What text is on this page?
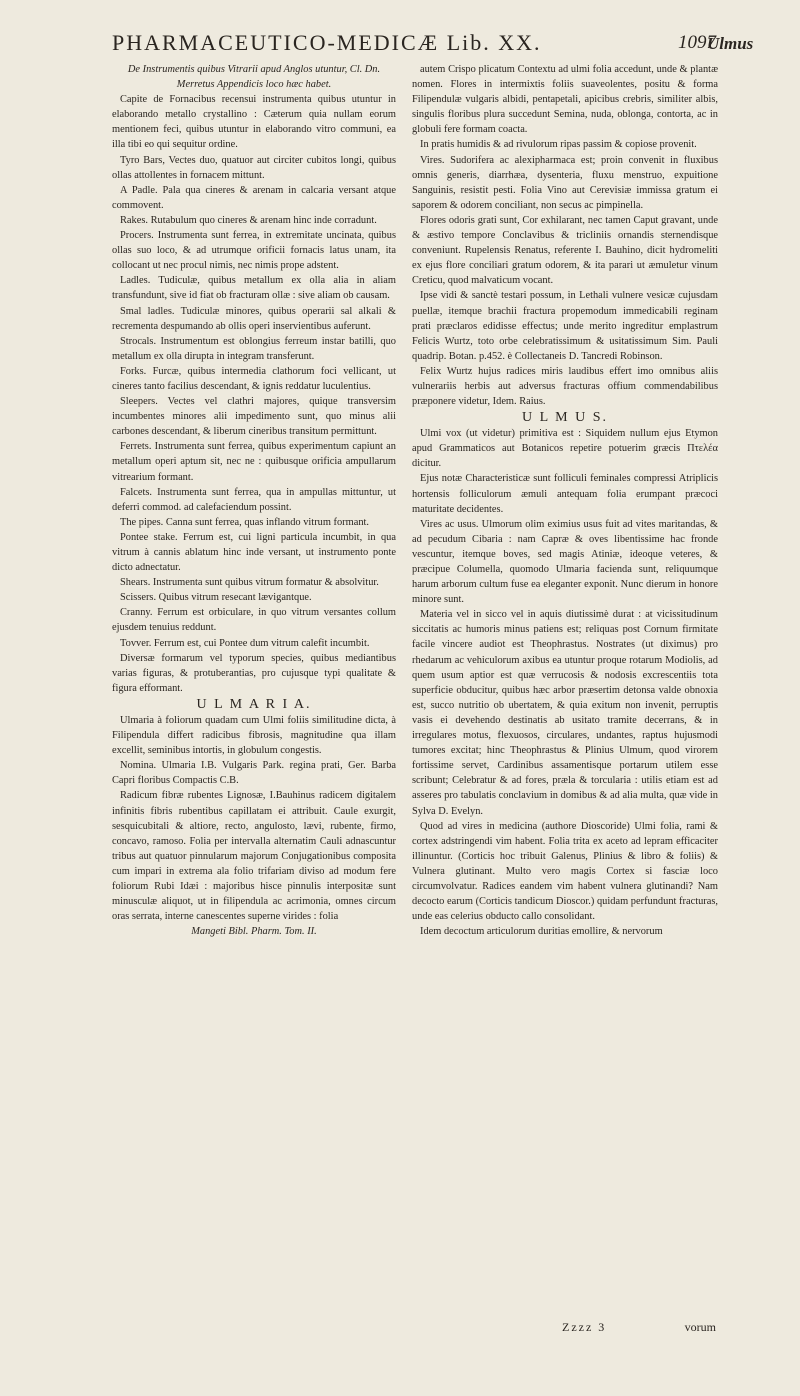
PHARMACEUTICO-MEDICÆ Lib. XX.	Ulmus
1097

De Instrumentis quibus Vitrarii apud Anglos utuntur, Cl. Dn. Merretus Appendicis loco hæc habet.

Capite de Fornacibus recensui instrumenta quibus utuntur in elaborando metallo crystallino : Cæterum quia nullam eorum mentionem feci, quibus utuntur in elaborando vitro communi, ea illa tibi eo qui sequitur ordine.

Tyro Bars, Vectes duo, quatuor aut circiter cubitos longi, quibus ollas attollentes in fornacem mittunt.

A Padle. Pala qua cineres & arenam in calcaria versant atque commovent.

Rakes. Rutabulum quo cineres & arenam hinc inde corradunt.

Procers. Instrumenta sunt ferrea, in extremitate uncinata, quibus ollas suo loco, & ad utrumque orificii fornacis latus unam, ita collocant ut nec procul nimis, nec nimis prope adstent.

Ladles. Tudiculæ, quibus metallum ex olla alia in aliam transfundunt, sive id fiat ob fracturam ollæ : sive aliam ob causam.

Smal ladles. Tudiculæ minores, quibus operarii sal alkali & recrementa despumando ab ollis operi inservientibus auferunt.

Strocals. Instrumentum est oblongius ferreum instar batilli, quo metallum ex olla dirupta in integram transferunt.

Forks. Furcæ, quibus intermedia clathorum foci vellicant, ut cineres tanto facilius descendant, & ignis reddatur luculentius.

Sleepers. Vectes vel clathri majores, quique transversim incumbentes minores alii impedimento sunt, quo minus alii carbones descendant, & liberum cineribus transitum permittunt.

Ferrets. Instrumenta sunt ferrea, quibus experimentum capiunt an metallum operi aptum sit, nec ne : quibusque orificia ampullarum vitrearium formant.

Falcets. Instrumenta sunt ferrea, qua in ampullas mittuntur, ut deferri commod. ad calefaciendum possint.

The pipes. Canna sunt ferrea, quas inflando vitrum formant.

Pontee stake. Ferrum est, cui ligni particula incumbit, in qua vitrum à cannis ablatum hinc inde versant, ut instrumento ponte dicto adnectatur.

Shears. Instrumenta sunt quibus vitrum formatur & absolvitur.

Scissers. Quibus vitrum resecant lævigantque.

Cranny. Ferrum est orbiculare, in quo vitrum versantes collum ejusdem tenuius reddunt.

Tovver. Ferrum est, cui Pontee dum vitrum calefit incumbit.

Diversæ formarum vel typorum species, quibus mediantibus varias figuras, & protuberantias, pro cujusque typi qualitate & figura efformant.

U L M A R I A.

Ulmaria à foliorum quadam cum Ulmi foliis similitudine dicta, à Filipendula differt radicibus fibrosis, magnitudine qua illam excellit, seminibus intortis, in globulum congestis.

Nomina. Ulmaria I.B. Vulgaris Park. regina prati, Ger. Barba Capri floribus Compactis C.B.

Radicum fibræ rubentes Lignosæ, I.Bauhinus radicem digitalem infinitis fibris rubentibus capillatam ei attribuit. Caule exurgit, sesquicubitali & altiore, recto, angulosto, lævi, rubente, firmo, concavo, ramoso. Folia per intervalla alternatim Cauli adnascuntur tribus aut quatuor pinnularum majorum Conjugationibus composita cum impari in extrema ala folio trifariam diviso ad modum fere foliorum Rubi Idæi : majoribus hisce pinnulis interpositæ sunt minusculæ aliquot, ut in filipendula ac acrimonia, omnes circum oras serrata, interne canescentes superne virides : folia

Mangeti Bibl. Pharm. Tom. II.

autem Crispo plicatum Contextu ad ulmi folia accedunt, unde & plantæ nomen. Flores in intermixtis foliis suaveolentes, positu & forma Filipendulæ vulgaris albidi, pentapetali, apicibus crebris, similiter albis, singulis floribus plura succedunt Semina, nuda, oblonga, contorta, ac in globuli fere formam coacta.

In pratis humidis & ad rivulorum ripas passim & copiose provenit.

Vires. Sudorifera ac alexipharmaca est; proin convenit in fluxibus omnis generis, diarrhæa, dysenteria, fluxu menstruo, expuitione Sanguinis, resistit pesti. Folia Vino aut Cerevisiæ immissa gratum ei saporem & odorem conciliant, non secus ac pimpinella.

Flores odoris grati sunt, Cor exhilarant, nec tamen Caput gravant, unde & æstivo tempore Conclavibus & tricliniis ornandis sternendisque conveniunt. Rupelensis Renatus, referente I. Bauhino, dicit hydromeliti ex ejus flore conciliari gratum odorem, & ita parari ut æmuletur vinum Creticu, quod malvaticum vocant.

Ipse vidi & sanctè testari possum, in Lethali vulnere vesicæ cujusdam puellæ, itemque brachii fractura propemodum immedicabili reginam prati præclaros edidisse effectus; unde merito ingreditur emplastrum Felicis Wurtz, toto orbe celebratissimum & usitatissimum Sim. Pauli quadrip. Botan. p.452. è Collectaneis D. Tancredi Robinson.

Felix Wurtz hujus radices miris laudibus effert imo omnibus aliis vulnerariis herbis aut adversus fracturas offium commendabilibus præponere videtur, Idem. Raius.

U L M U S.

Ulmi vox (ut videtur) primitiva est : Siquidem nullum ejus Etymon apud Grammaticos aut Botanicos repetire potuerim græcis Πτελέα dicitur.

Ejus notæ Characteristicæ sunt folliculi feminales compressi Atriplicis hortensis folliculorum æmuli antequam folia erumpant præcoci maturitate decidentes.

Vires ac usus. Ulmorum olim eximius usus fuit ad vites maritandas, & ad pecudum Cibaria : nam Capræ & oves libentissime hac fronde vescuntur, itemque boves, sed magis Atiniæ, ideoque veteres, & præcipue Columella, quomodo Ulmaria facienda sunt, reliquumque harum arborum cultum fuse ea eleganter exponit. Nunc dierum in honore minore sunt.

Materia vel in sicco vel in aquis diutissimè durat : at vicissitudinum siccitatis ac humoris minus patiens est; reliquas post Cornum firmitate facile vincere audiot est Theophrastus. Nostrates (ut diximus) pro rhedarum ac vehiculorum axibus ea utuntur proque rotarum Modiolis, ad quem usum aptior est quæ verrucosis & nodosis excrescentiis tota superficie obducitur, quibus hæc arbor præsertim detonsa valde obnoxia est, succo nutritio ob ubertatem, & quia exitum non invenit, perruptis vasis ei devehendo destinatis ab usitato tramite decerrans, & in irregulares motus, flexuosos, circulares, undantes, raptus hujusmodi tumores excitat; hinc Theophrastus & Plinius Ulmum, quod virorem fortissime servet, Cardinibus assamentisque portarum utilem esse scribunt; Celebratur & ad fores, præla & torcularia : utilis etiam est ad asseres pro tabulatis conclavium in domibus & ad alia multa, quæ vide in Sylva D. Evelyn.

Quod ad vires in medicina (authore Dioscoride) Ulmi folia, rami & cortex adstringendi vim habent. Folia trita ex aceto ad lepram efficaciter illinuntur. (Corticis hoc tribuit Galenus, Plinius & libro & foliis) & Vulnera glutinant. Multo vero magis Cortex si fasciæ loco circumvolvatur. Radices eandem vim habent vulnera glutinandi? Nam decocto earum (Corticis tandicum Dioscor.) quidam perfundunt fracturas, unde eas celerius obducto callo consolidant.

Idem decoctum articulorum duritias emollire, & nervorum

Zzzz 3	vorum
